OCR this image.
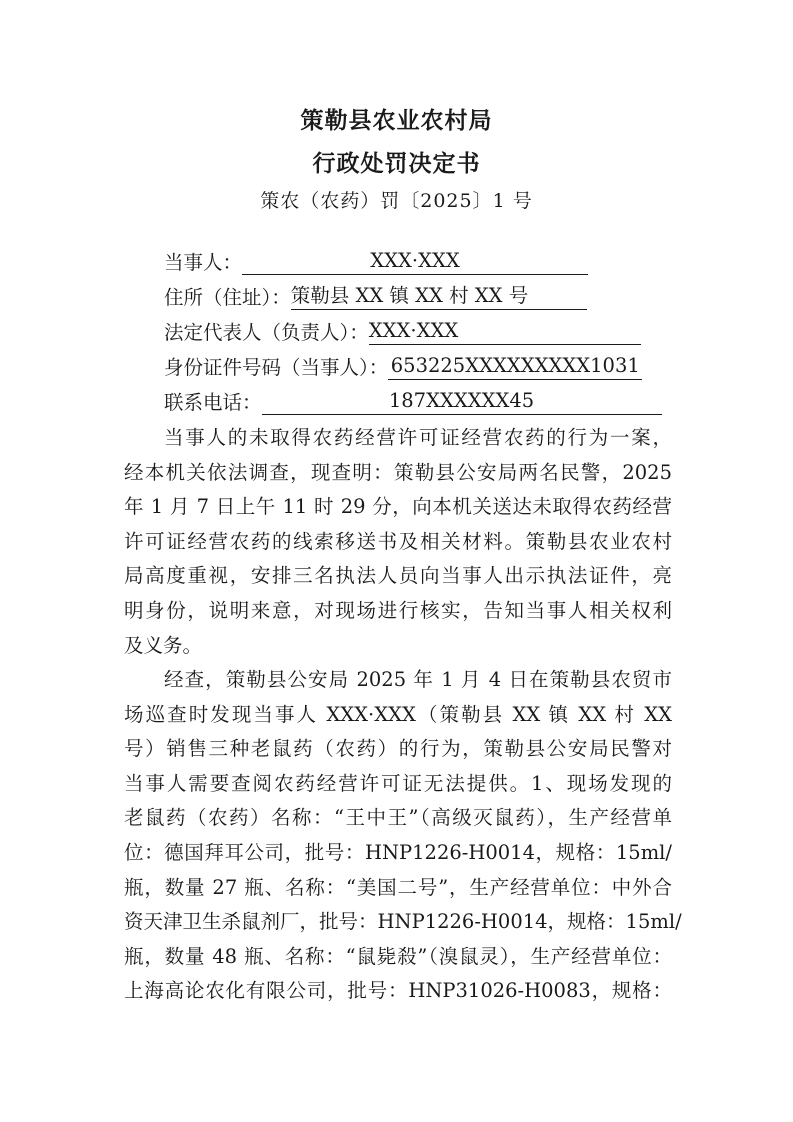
策勒县农业农村局
行政处罚决定书
策农（农药）罚〔2025〕1 号
当事人：	XXX·XXX
住所（住址）：策勒县 XX 镇 XX 村 XX 号
法定代表人（负责人）：XXX·XXX
身份证件号码（当事人）： 653225XXXXXXXXX1031
联系电话：	187XXXXXX45
当事人的未取得农药经营许可证经营农药的行为一案，
经本机关依法调查，现查明：策勒县公安局两名民警，2025
年 1 月 7 日上午 11 时 29 分，向本机关送达未取得农药经营
许可证经营农药的线索移送书及相关材料。策勒县农业农村
局高度重视，安排三名执法人员向当事人出示执法证件，亮
明身份，说明来意，对现场进行核实，告知当事人相关权利
及义务。
经查，策勒县公安局 2025 年 1 月 4 日在策勒县农贸市
场巡查时发现当事人 XXX·XXX（策勒县 XX 镇 XX 村 XX
号）销售三种老鼠药（农药）的行为，策勒县公安局民警对
当事人需要查阅农药经营许可证无法提供。1、现场发现的
老鼠药（农药）名称：“王中王”（高级灭鼠药），生产经营单
位：德国拜耳公司，批号：HNP1226-H0014，规格：15ml/
瓶，数量 27 瓶、名称：“美国二号”，生产经营单位：中外合
资天津卫生杀鼠剂厂，批号：HNP1226-H0014，规格：15ml/
瓶，数量 48 瓶、名称：“鼠毙殺”（溴鼠灵），生产经营单位：
上海高论农化有限公司，批号：HNP31026-H0083，规格：
